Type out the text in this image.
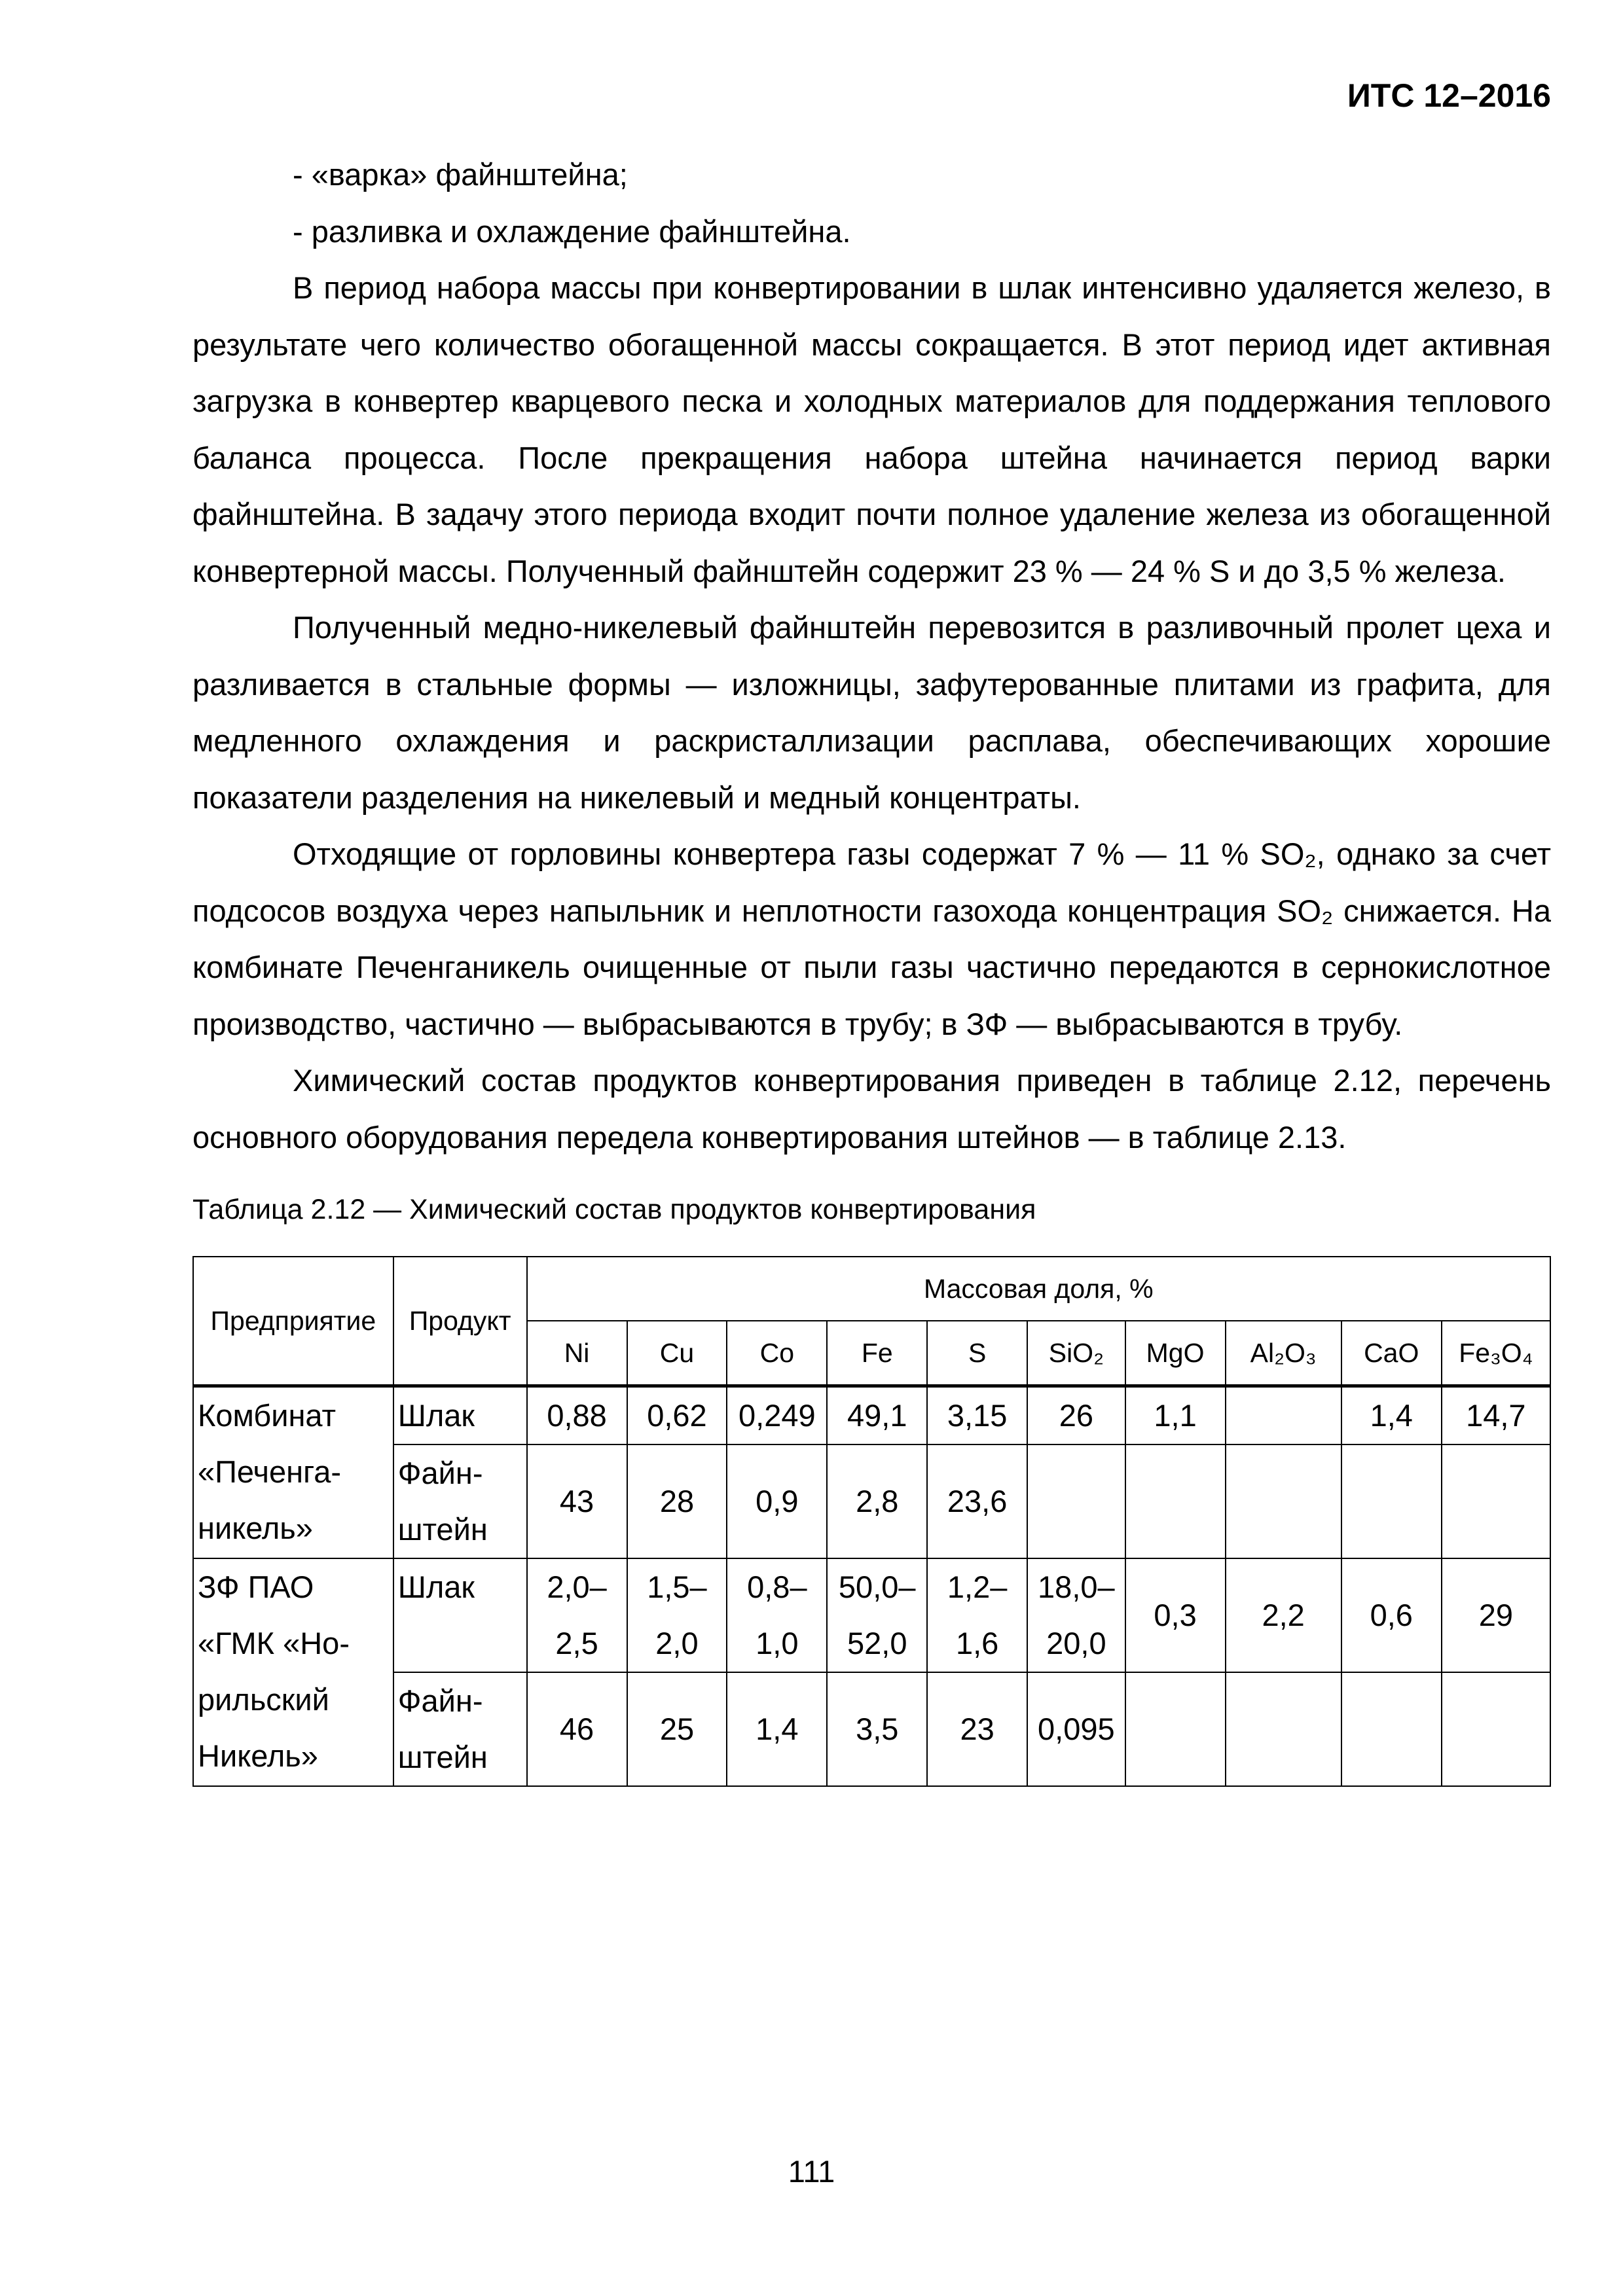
ИТС 12–2016

- «варка» файнштейна;

- разливка и охлаждение файнштейна.

В период набора массы при конвертировании в шлак интенсивно удаляется железо, в результате чего количество обогащенной массы сокращается. В этот период идет активная загрузка в конвертер кварцевого песка и холодных материалов для поддержания теплового баланса процесса. После прекращения набора штейна начинается период варки файнштейна. В задачу этого периода входит почти полное удаление железа из обогащенной конвертерной массы. Полученный файнштейн содержит 23 % — 24 % S и до 3,5 % железа.

Полученный медно-никелевый файнштейн перевозится в разливочный пролет цеха и разливается в стальные формы — изложницы, зафутерованные плитами из графита, для медленного охлаждения и раскристаллизации расплава, обеспечивающих хорошие показатели разделения на никелевый и медный концентраты.

Отходящие от горловины конвертера газы содержат 7 % — 11 % SO₂, однако за счет подсосов воздуха через напыльник и неплотности газохода концентрация SO₂ снижается. На комбинате Печенганикель очищенные от пыли газы частично передаются в сернокислотное производство, частично — выбрасываются в трубу; в ЗФ — выбрасываются в трубу.

Химический состав продуктов конвертирования приведен в таблице 2.12, перечень основного оборудования передела конвертирования штейнов — в таблице 2.13.

Таблица 2.12 — Химический состав продуктов конвертирования
Предприятие	Продукт	Массовая доля, %									
		Ni	Cu	Co	Fe	S	SiO₂	MgO	Al₂O₃	CaO	Fe₃O₄

Комбинат
«Печенга-
никель»	Шлак	0,88	0,62	0,249	49,1	3,15	26	1,1		1,4	14,7

	Файн-
штейн	43	28	0,9	2,8	23,6					

ЗФ ПАО
«ГМК «Но-
рильский
Никель»	Шлак	2,0–
2,5	1,5–
2,0	0,8–
1,0	50,0–
52,0	1,2–
1,6	18,0–
20,0	0,3	2,2	0,6	29

	Файн-
штейн	46	25	1,4	3,5	23	0,095				
111
